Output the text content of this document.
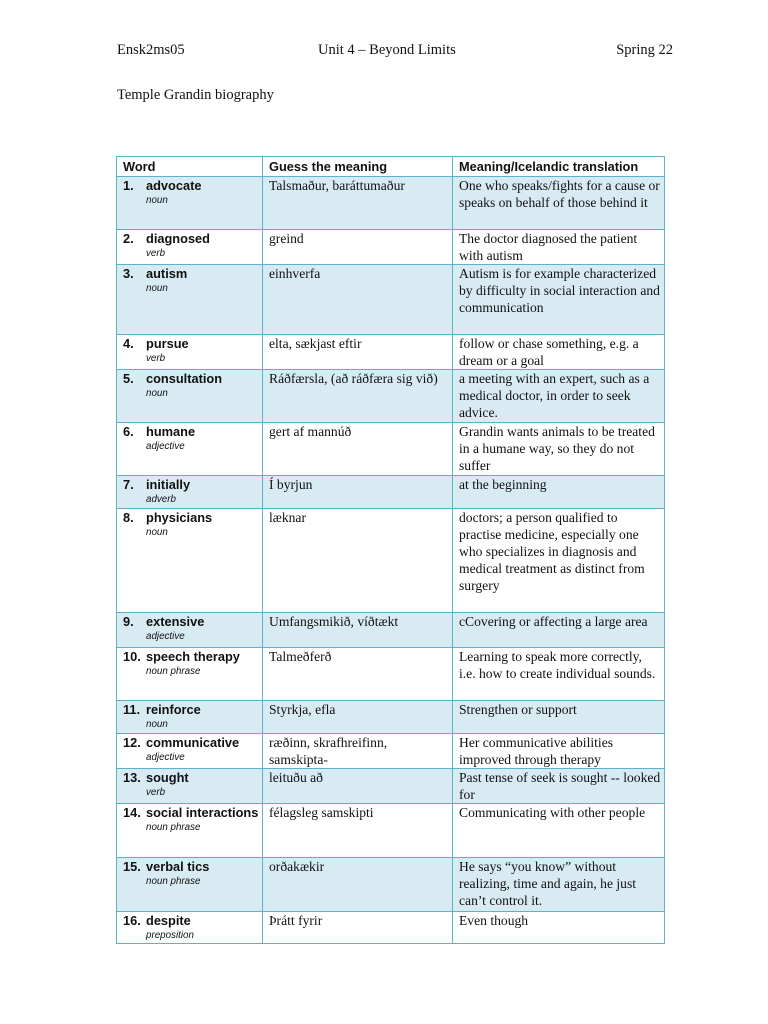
Ensk2ms05	Unit 4 – Beyond Limits	Spring 22
Temple Grandin biography
Word	Guess the meaning	Meaning/Icelandic translation

1. advocate
noun	Talsmaður, baráttumaður	One who speaks/fights for a cause or speaks on behalf of those behind it

2. diagnosed
verb	greind	The doctor diagnosed the patient with autism

3. autism
noun	einhverfa	Autism is for example characterized by difficulty in social interaction and communication

4. pursue
verb	elta, sækjast eftir	follow or chase something, e.g. a dream or a goal

5. consultation
noun	Ráðfærsla, (að ráðfæra sig við)	a meeting with an expert, such as a medical doctor, in order to seek advice.

6. humane
adjective	gert af mannúð	Grandin wants animals to be treated in a humane way, so they do not suffer

7. initially
adverb	Í byrjun	at the beginning

8. physicians
noun	læknar	doctors; a person qualified to practise medicine, especially one who specializes in diagnosis and medical treatment as distinct from surgery

9. extensive
adjective	Umfangsmikið, víðtækt	cCovering or affecting a large area

10. speech therapy
noun phrase	Talmeðferð	Learning to speak more correctly, i.e. how to create individual sounds.

11. reinforce
noun	Styrkja, efla	Strengthen or support

12. communicative
adjective	ræðinn, skrafhreifinn, samskipta-	Her communicative abilities improved through therapy

13. sought
verb	leituðu að	Past tense of seek is sought -- looked for

14. social interactions
noun phrase	félagsleg samskipti	Communicating with other people

15. verbal tics
noun phrase	orðakækir	He says “you know” without realizing, time and again, he just can’t control it.

16. despite
preposition	Þrátt fyrir	Even though
